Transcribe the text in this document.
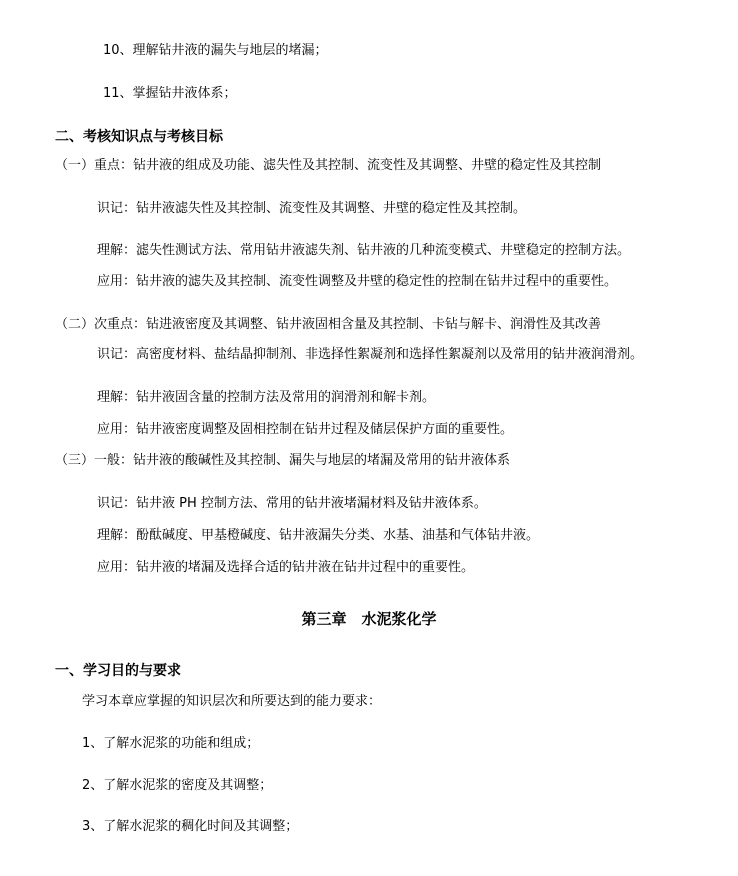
10、理解钻井液的漏失与地层的堵漏；
11、掌握钻井液体系；
二、考核知识点与考核目标
（一）重点：钻井液的组成及功能、滤失性及其控制、流变性及其调整、井壁的稳定性及其控制
识记：钻井液滤失性及其控制、流变性及其调整、井壁的稳定性及其控制。
理解：滤失性测试方法、常用钻井液滤失剂、钻井液的几种流变模式、井壁稳定的控制方法。
应用：钻井液的滤失及其控制、流变性调整及井壁的稳定性的控制在钻井过程中的重要性。
（二）次重点：钻进液密度及其调整、钻井液固相含量及其控制、卡钻与解卡、润滑性及其改善
识记：高密度材料、盐结晶抑制剂、非选择性絮凝剂和选择性絮凝剂以及常用的钻井液润滑剂。
理解：钻井液固含量的控制方法及常用的润滑剂和解卡剂。
应用：钻井液密度调整及固相控制在钻井过程及储层保护方面的重要性。
（三）一般：钻井液的酸碱性及其控制、漏失与地层的堵漏及常用的钻井液体系
识记：钻井液 PH 控制方法、常用的钻井液堵漏材料及钻井液体系。
理解：酚酞碱度、甲基橙碱度、钻井液漏失分类、水基、油基和气体钻井液。
应用：钻井液的堵漏及选择合适的钻井液在钻井过程中的重要性。
第三章　水泥浆化学
一、学习目的与要求
学习本章应掌握的知识层次和所要达到的能力要求：
1、了解水泥浆的功能和组成；
2、了解水泥浆的密度及其调整；
3、了解水泥浆的稠化时间及其调整；
